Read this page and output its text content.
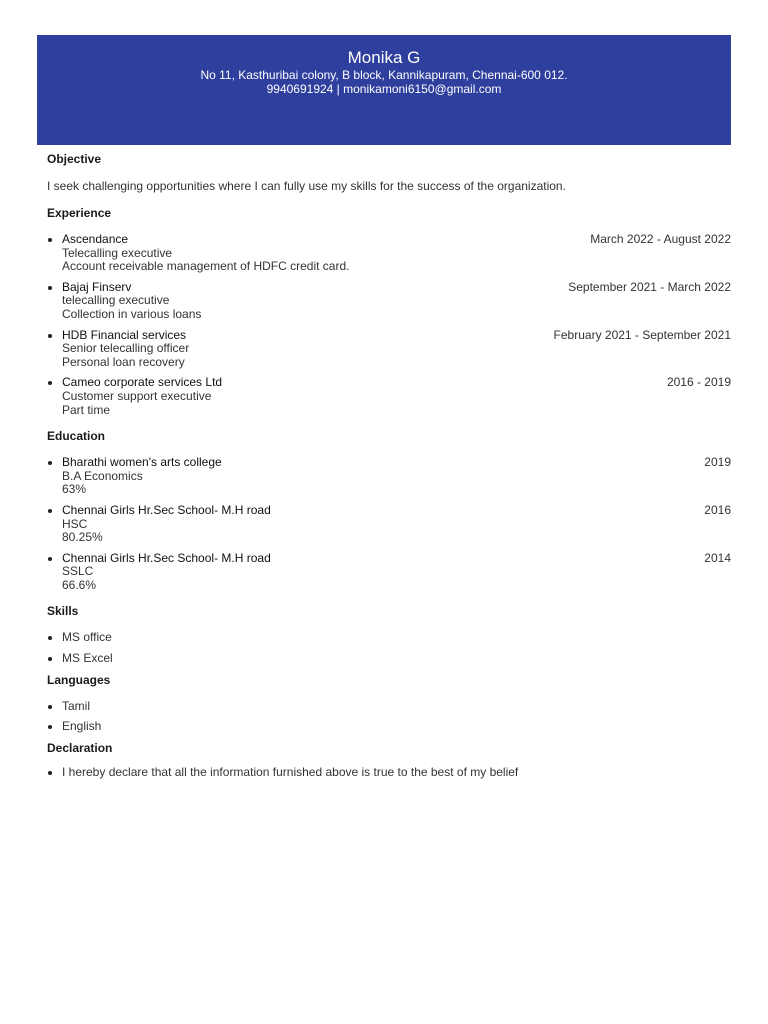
Monika G
No 11, Kasthuribai colony, B block, Kannikapuram, Chennai-600 012.
9940691924 | monikamoni6150@gmail.com
Objective
I seek challenging opportunities where I can fully use my skills for the success of the organization.
Experience
Ascendance	March 2022 - August 2022
Telecalling executive
Account receivable management of HDFC credit card.
Bajaj Finserv	September 2021 - March 2022
telecalling executive
Collection in various loans
HDB Financial services	February 2021 - September 2021
Senior telecalling officer
Personal loan recovery
Cameo corporate services Ltd	2016 - 2019
Customer support executive
Part time
Education
Bharathi women's arts college	2019
B.A Economics
63%
Chennai Girls Hr.Sec School- M.H road	2016
HSC
80.25%
Chennai Girls Hr.Sec School- M.H road	2014
SSLC
66.6%
Skills
MS office
MS Excel
Languages
Tamil
English
Declaration
I hereby declare that all the information furnished above is true to the best of my belief
